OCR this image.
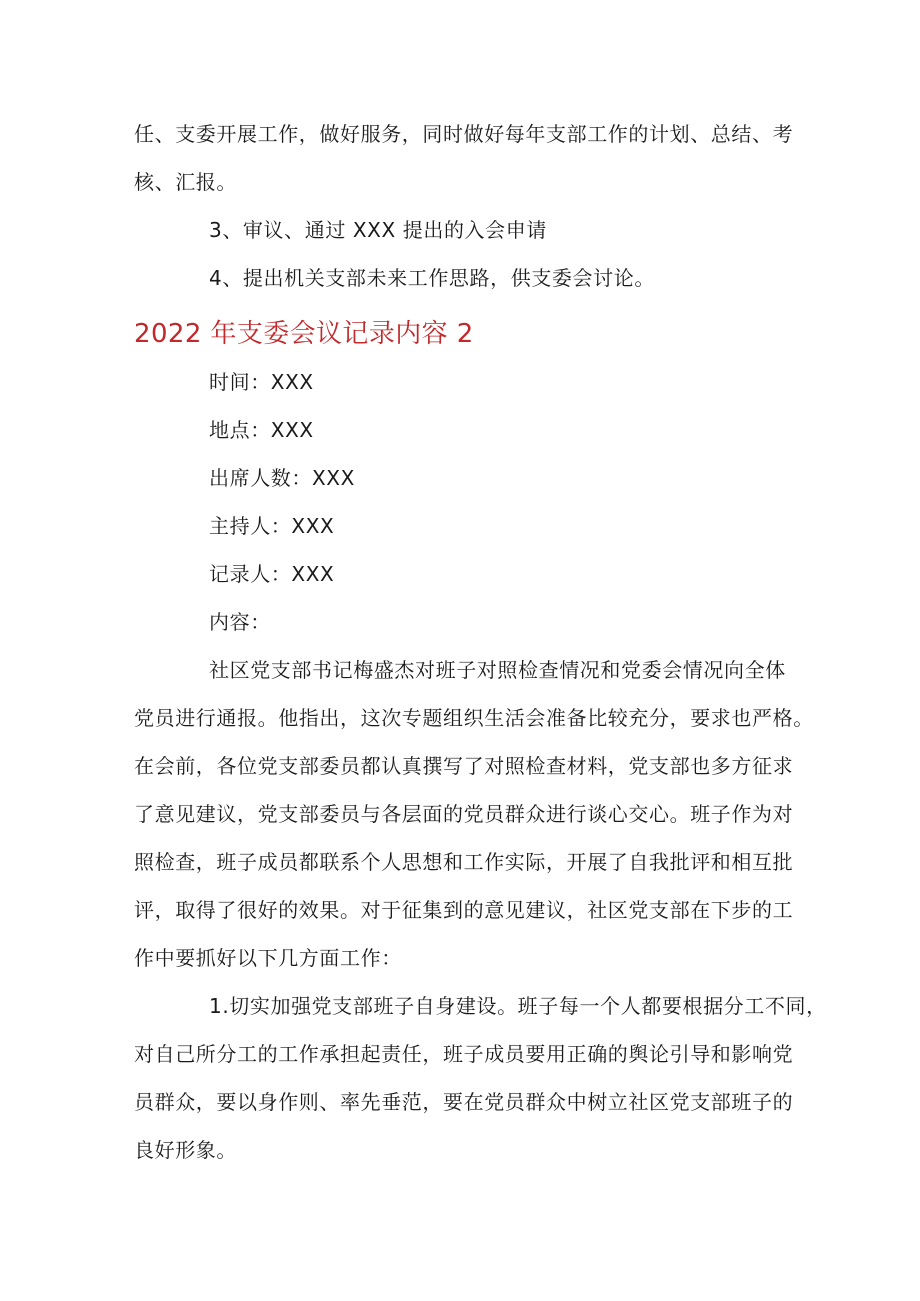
任、支委开展工作，做好服务，同时做好每年支部工作的计划、总结、考
核、汇报。
3、审议、通过 XXX 提出的入会申请
4、提出机关支部未来工作思路，供支委会讨论。
2022 年支委会议记录内容 2
时间：XXX
地点：XXX
出席人数：XXX
主持人：XXX
记录人：XXX
内容：
社区党支部书记梅盛杰对班子对照检查情况和党委会情况向全体
党员进行通报。他指出，这次专题组织生活会准备比较充分，要求也严格。
在会前，各位党支部委员都认真撰写了对照检查材料，党支部也多方征求
了意见建议，党支部委员与各层面的党员群众进行谈心交心。班子作为对
照检查，班子成员都联系个人思想和工作实际，开展了自我批评和相互批
评，取得了很好的效果。对于征集到的意见建议，社区党支部在下步的工
作中要抓好以下几方面工作：
1.切实加强党支部班子自身建设。班子每一个人都要根据分工不同，
对自己所分工的工作承担起责任，班子成员要用正确的舆论引导和影响党
员群众，要以身作则、率先垂范，要在党员群众中树立社区党支部班子的
良好形象。
